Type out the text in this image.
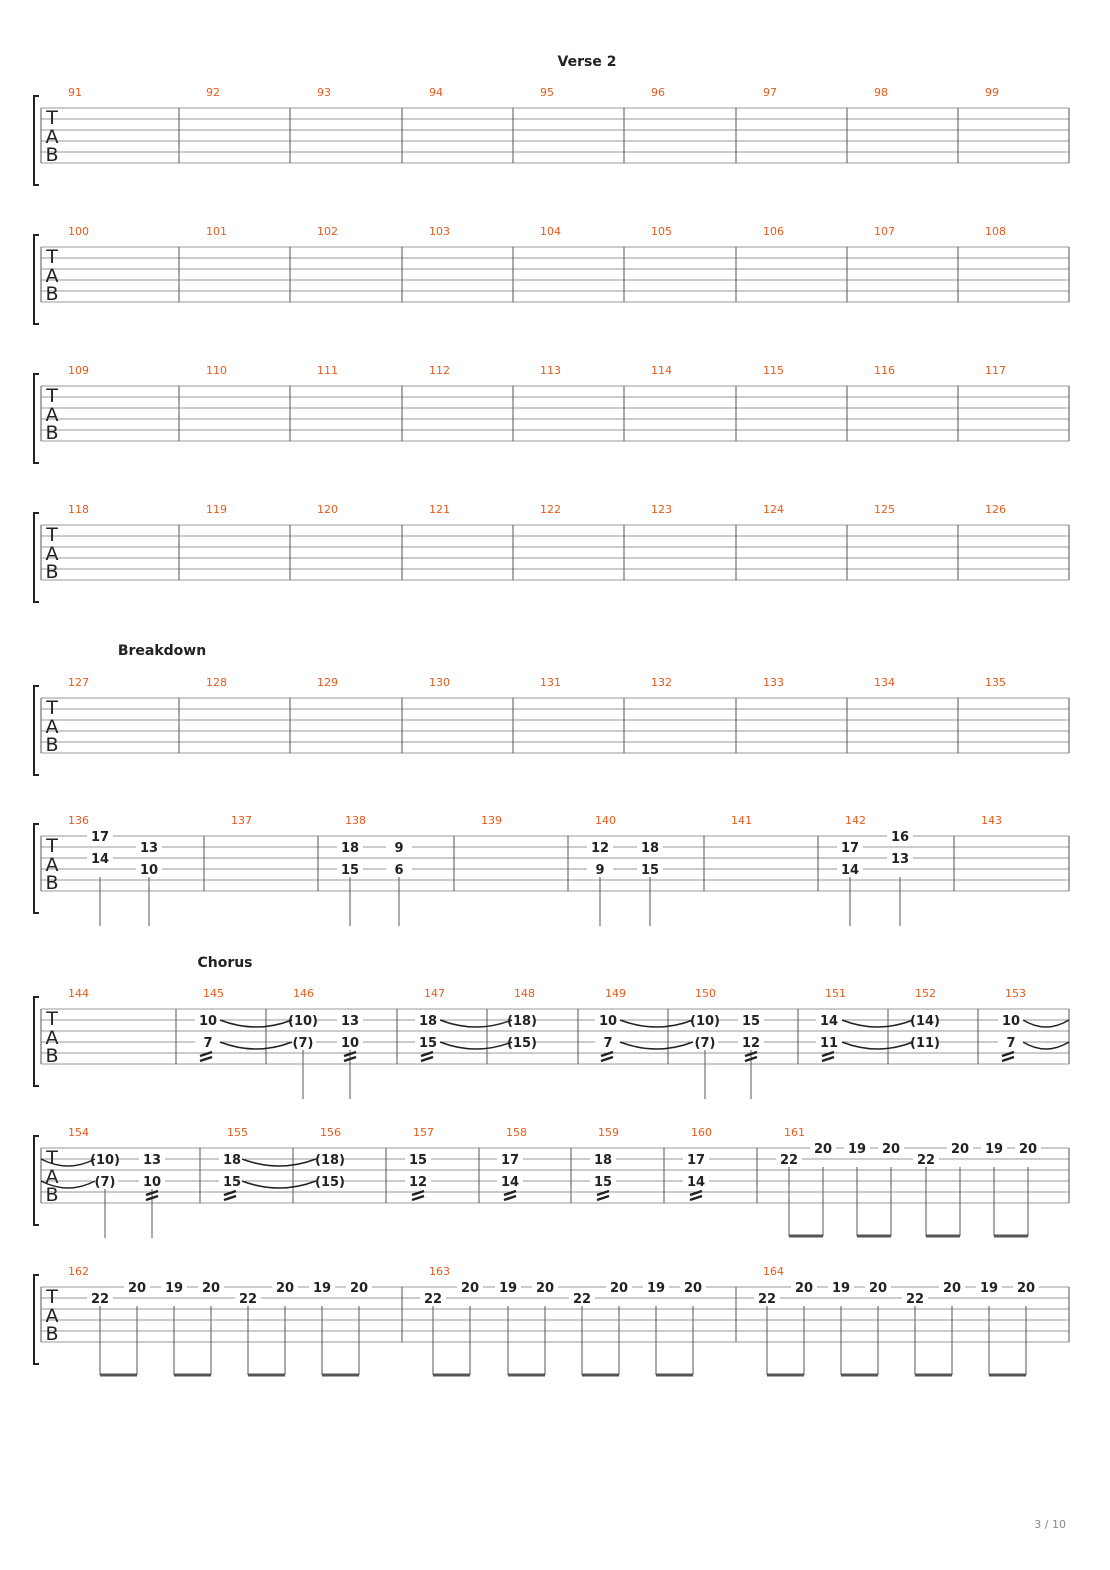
Verse 2
T
A
B
91	92	93	94	95	96	97	98	99
T
A
B
100	101	102	103	104	105	106	107	108
T
A
B
109	110	111	112	113	114	115	116	117
T
A
B
118	119	120	121	122	123	124	125	126
Breakdown
T
A
B
127	128	129	130	131	132	133	134	135
T
A
B
136
17
14
13
10
137	138
18
15
9
6
139	140
12
9
18
15
141	142
17
14
16
13
143
Chorus
T
A
B
144	145
10
7
146
(10)
(7)
13
10
147
18
15
148
(18)
(15)
149
10
7
150
(10)
(7)
15
12
151
14
11
152
(14)
(11)
153
10
7
T
A
B
154
(10)
(7)
13
10
155
18
15
156
(18)
(15)
157
15
12
158
17
14
159
18
15
160
17
14
161
22
20 19 20
22
20 19 20
T
A
B
162
22
20 19 20
22
20 19 20
163
22
20 19 20
22
20 19 20
164
22
20 19 20
22
20 19 20
3 / 10
